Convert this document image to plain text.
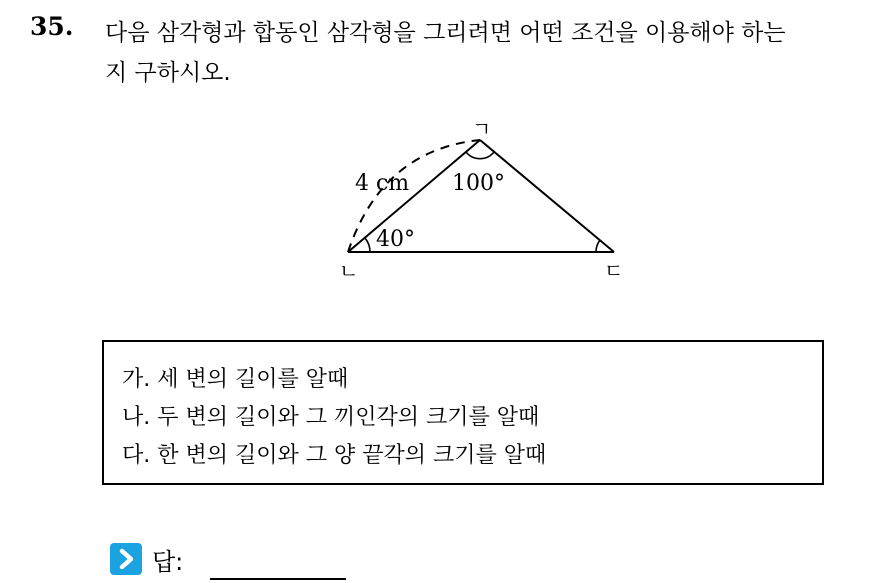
35. 다음 삼각형과 합동인 삼각형을 그리려면 어떤 조건을 이용해야 하는
지 구하시오.
ㄱ
ㄴ	ㄷ
4 cm 100°
40°
가. 세 변의 길이를 알때
나. 두 변의 길이와 그 끼인각의 크기를 알때
다. 한 변의 길이와 그 양 끝각의 크기를 알때
답:
